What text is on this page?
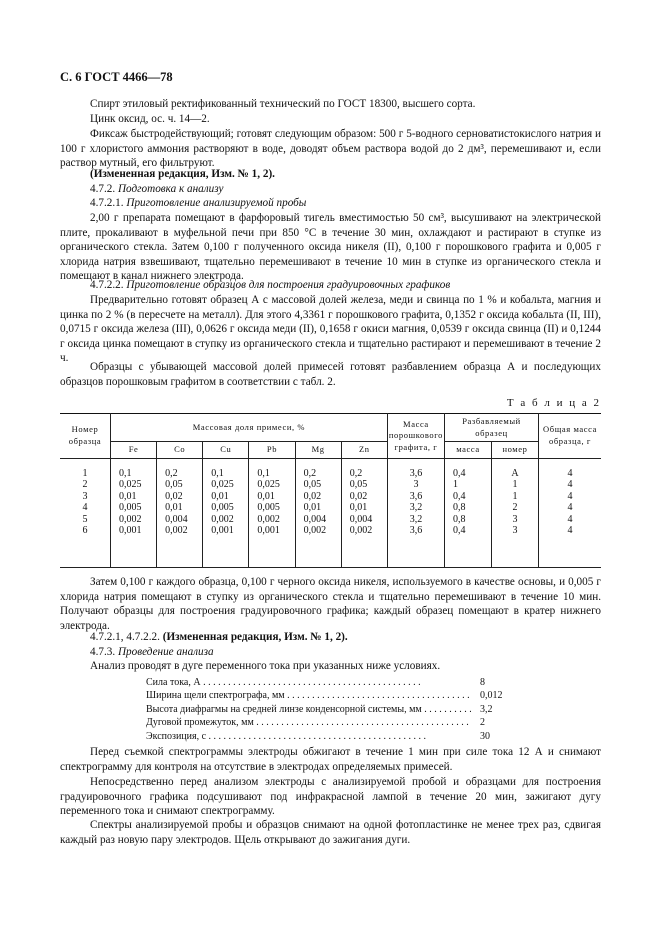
С. 6 ГОСТ 4466—78
Спирт этиловый ректификованный технический по ГОСТ 18300, высшего сорта.
Цинк оксид, ос. ч. 14—2.
Фиксаж быстродействующий; готовят следующим образом: 500 г 5-водного серноватистокислого натрия и 100 г хлористого аммония растворяют в воде, доводят объем раствора водой до 2 дм³, перемешивают и, если раствор мутный, его фильтруют.
(Измененная редакция, Изм. № 1, 2).
4.7.2. Подготовка к анализу
4.7.2.1. Приготовление анализируемой пробы
2,00 г препарата помещают в фарфоровый тигель вместимостью 50 см³, высушивают на электрической плите, прокаливают в муфельной печи при 850 °С в течение 30 мин, охлаждают и растирают в ступке из органического стекла. Затем 0,100 г полученного оксида никеля (II), 0,100 г порошкового графита и 0,005 г хлорида натрия взвешивают, тщательно перемешивают в течение 10 мин в ступке из органического стекла и помещают в канал нижнего электрода.
4.7.2.2. Приготовление образцов для построения градуировочных графиков
Предварительно готовят образец А с массовой долей железа, меди и свинца по 1 % и кобальта, магния и цинка по 2 % (в пересчете на металл). Для этого 4,3361 г порошкового графита, 0,1352 г оксида кобальта (II, III), 0,0715 г оксида железа (III), 0,0626 г оксида меди (II), 0,1658 г окиси магния, 0,0539 г оксида свинца (II) и 0,1244 г оксида цинка помещают в ступку из органического стекла и тщательно растирают и перемешивают в течение 2 ч.
Образцы с убывающей массовой долей примесей готовят разбавлением образца А и последующих образцов порошковым графитом в соответствии с табл. 2.
Т а б л и ц а 2
Номер образца	Массовая доля примеси, %						Масса порошкового графита, г	Разбавляемый образец		Общая масса образца, г
	Fe	Co	Cu	Pb	Mg	Zn		масса	номер	
1	0,1	0,2	0,1	0,1	0,2	0,2	3,6	0,4	А	4
2	0,025	0,05	0,025	0,025	0,05	0,05	3	1	1	4
3	0,01	0,02	0,01	0,01	0,02	0,02	3,6	0,4	1	4
4	0,005	0,01	0,005	0,005	0,01	0,01	3,2	0,8	2	4
5	0,002	0,004	0,002	0,002	0,004	0,004	3,2	0,8	3	4
6	0,001	0,002	0,001	0,001	0,002	0,002	3,6	0,4	3	4
Затем 0,100 г каждого образца, 0,100 г черного оксида никеля, используемого в качестве основы, и 0,005 г хлорида натрия помещают в ступку из органического стекла и тщательно перемешивают в течение 10 мин. Получают образцы для построения градуировочного графика; каждый образец помещают в кратер нижнего электрода.
4.7.2.1, 4.7.2.2. (Измененная редакция, Изм. № 1, 2).
4.7.3. Проведение анализа
Анализ проводят в дуге переменного тока при указанных ниже условиях.
Сила тока, А . . .	8
Ширина щели спектрографа, мм . . .	0,012
Высота диафрагмы на средней линзе конденсорной системы, мм . . .	3,2
Дуговой промежуток, мм . . .	2
Экспозиция, с . . .	30
Перед съемкой спектрограммы электроды обжигают в течение 1 мин при силе тока 12 А и снимают спектрограмму для контроля на отсутствие в электродах определяемых примесей.
Непосредственно перед анализом электроды с анализируемой пробой и образцами для построения градуировочного графика подсушивают под инфракрасной лампой в течение 20 мин, зажигают дугу переменного тока и снимают спектрограмму.
Спектры анализируемой пробы и образцов снимают на одной фотопластинке не менее трех раз, сдвигая каждый раз новую пару электродов. Щель открывают до зажигания дуги.
